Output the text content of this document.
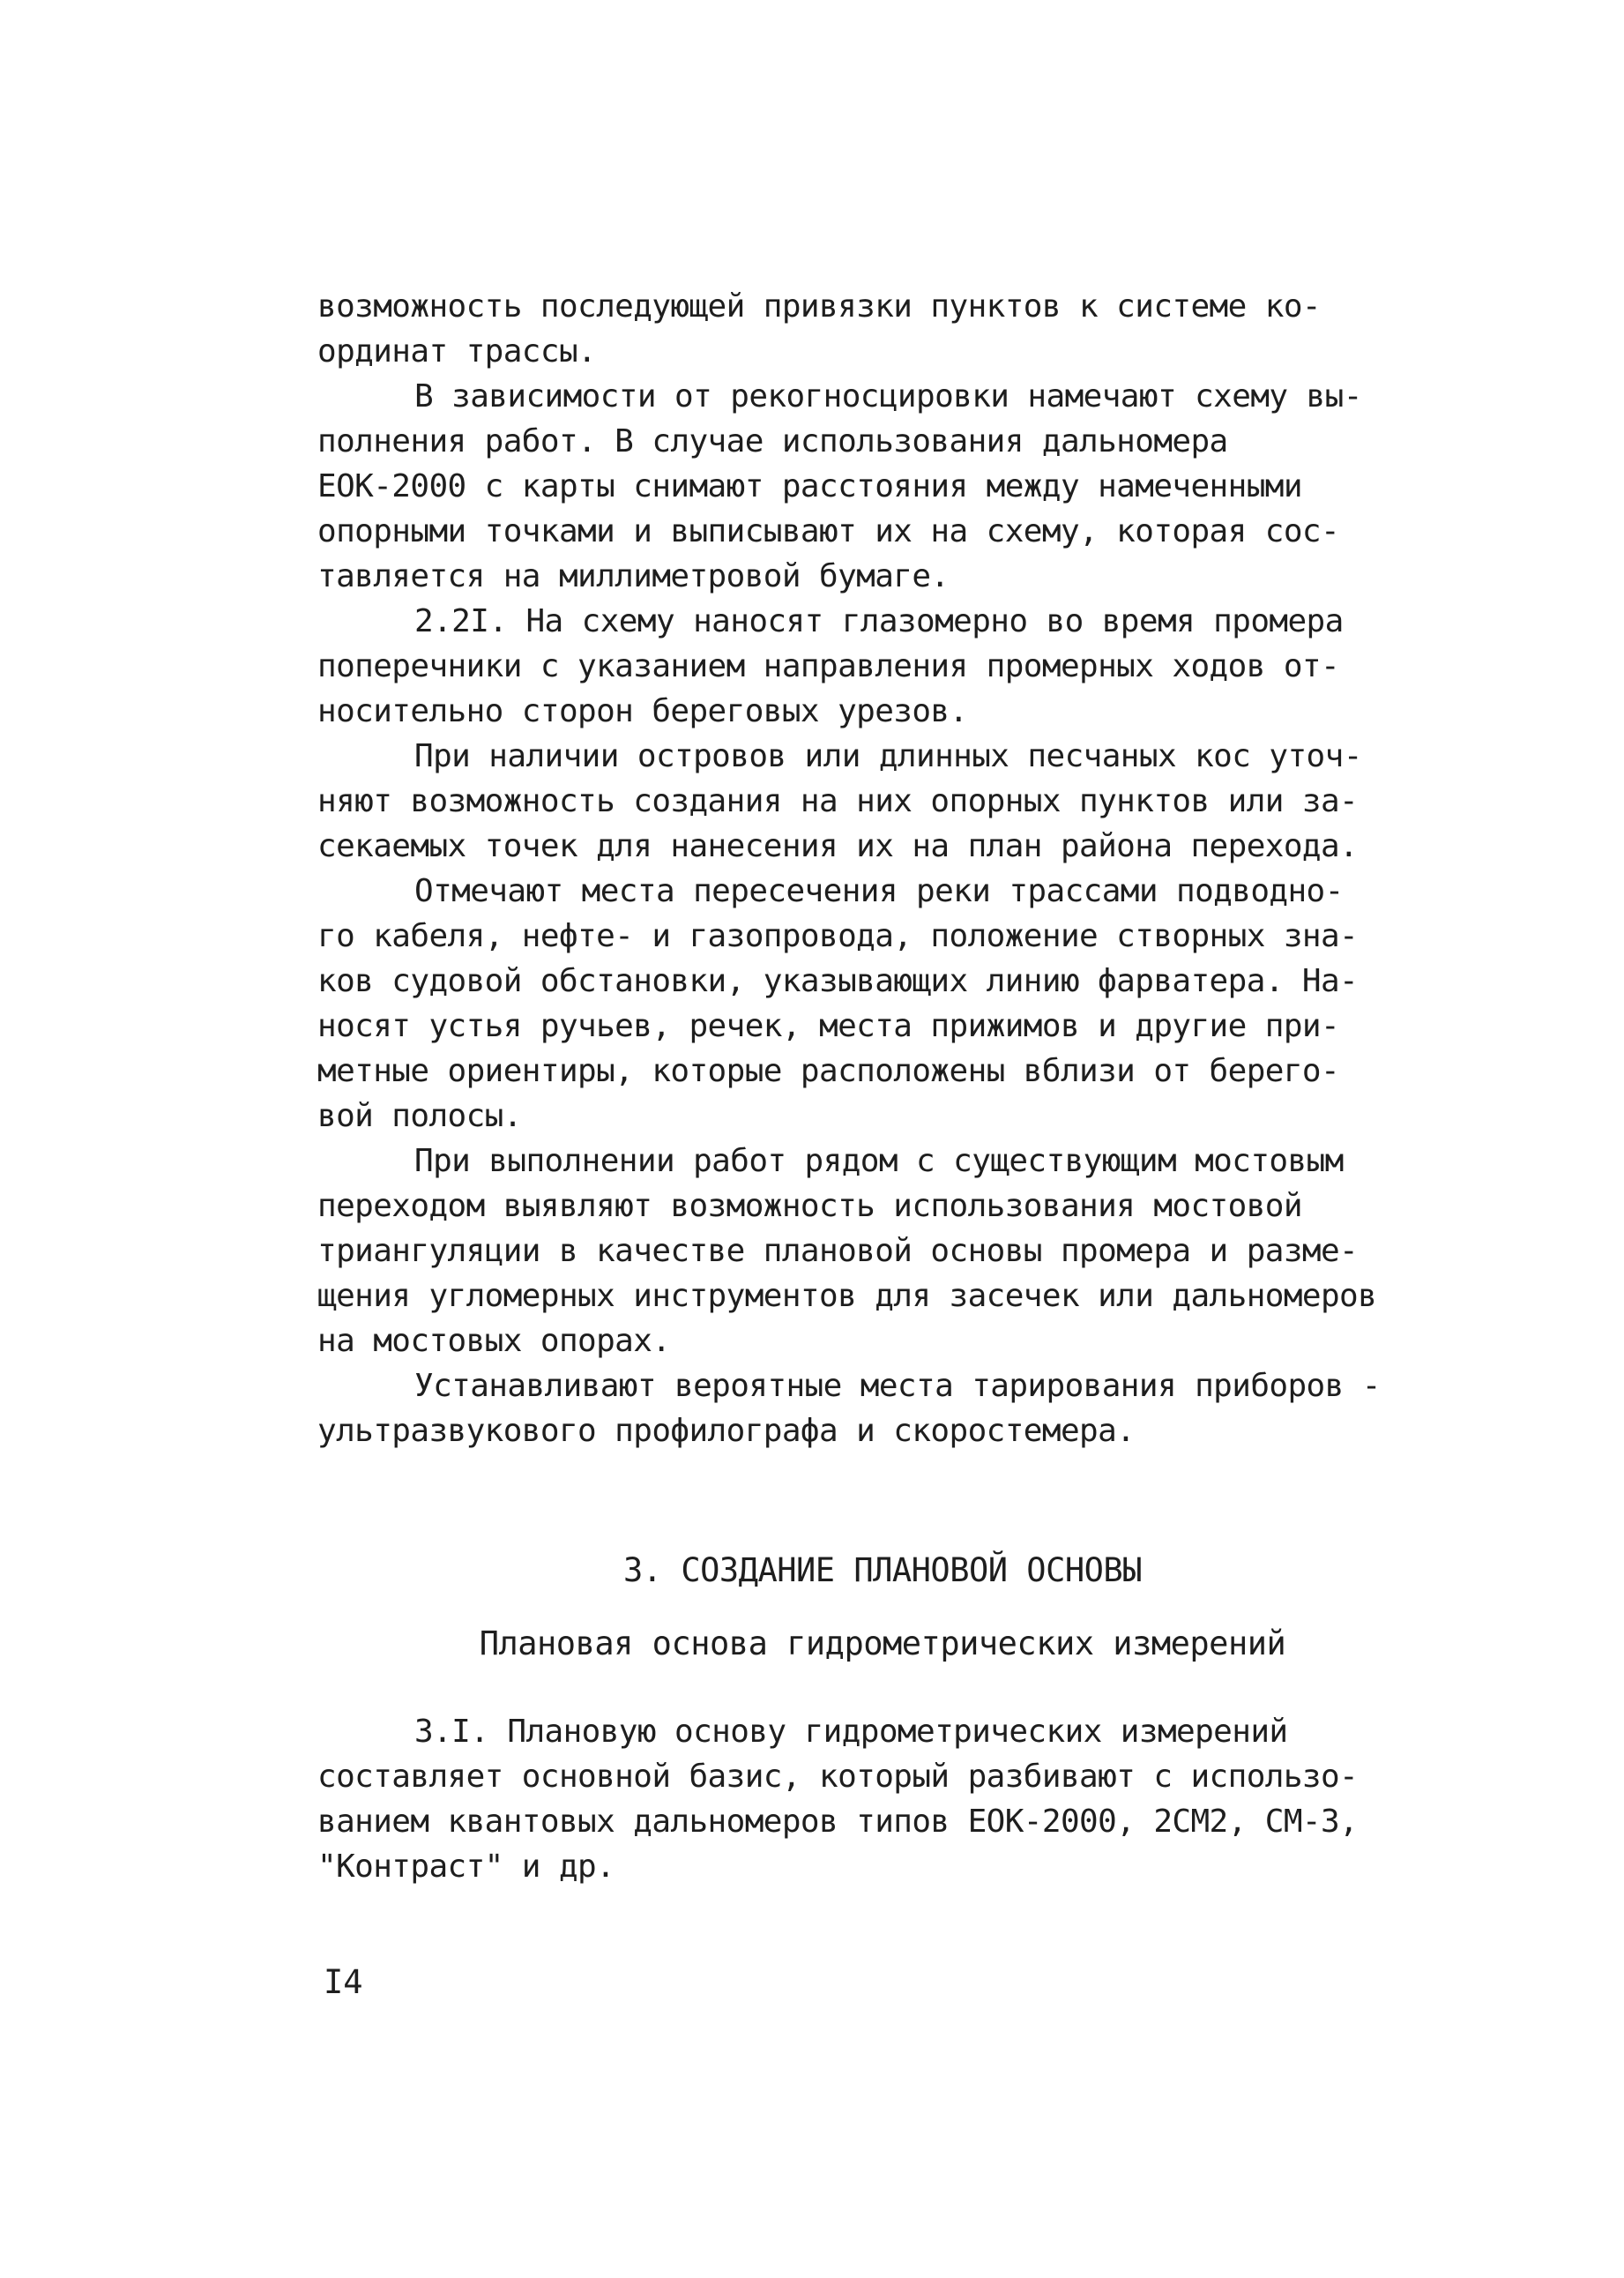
возможность последующей привязки пунктов к системе ко-
ординат трассы.
В зависимости от рекогносцировки намечают схему вы-
полнения работ. В случае использования дальномера
ЕОК-2000 с карты снимают расстояния между намеченными
опорными точками и выписывают их на схему, которая сос-
тавляется на миллиметровой бумаге.
2.2I. На схему наносят глазомерно во время промера
поперечники с указанием направления промерных ходов от-
носительно сторон береговых урезов.
При наличии островов или длинных песчаных кос уточ-
няют возможность создания на них опорных пунктов или за-
секаемых точек для нанесения их на план района перехода.
Отмечают места пересечения реки трассами подводно-
го кабеля, нефте- и газопровода, положение створных зна-
ков судовой обстановки, указывающих линию фарватера. На-
носят устья ручьев, речек, места прижимов и другие при-
метные ориентиры, которые расположены вблизи от берего-
вой полосы.
При выполнении работ рядом с существующим мостовым
переходом выявляют возможность использования мостовой
триангуляции в качестве плановой основы промера и разме-
щения угломерных инструментов для засечек или дальномеров
на мостовых опорах.
Устанавливают вероятные места тарирования приборов -
ультразвукового профилографа и скоростемера.
3. СОЗДАНИЕ ПЛАНОВОЙ ОСНОВЫ
Плановая основа гидрометрических измерений
3.I. Плановую основу гидрометрических измерений
составляет основной базис, который разбивают с использо-
ванием квантовых дальномеров типов ЕОК-2000, 2СМ2, СМ-3,
"Контраст" и др.
I4
